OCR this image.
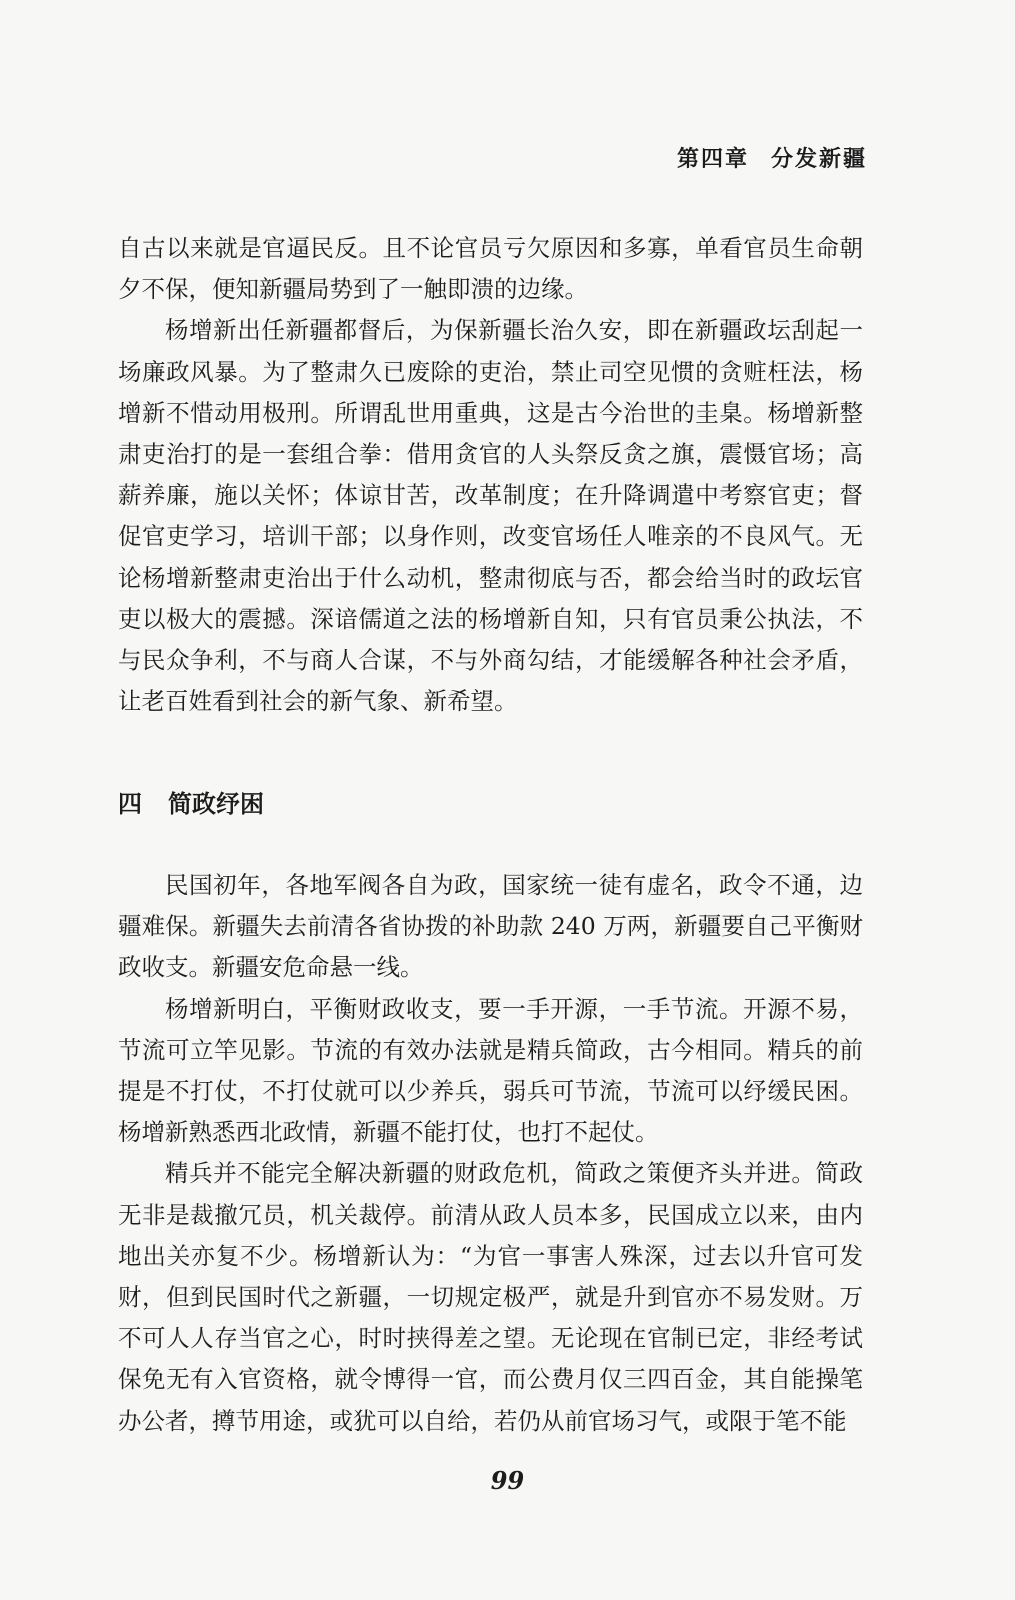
第四章 分发新疆

自古以来就是官逼民反。且不论官员亏欠原因和多寡，单看官员生命朝夕不保，便知新疆局势到了一触即溃的边缘。

杨增新出任新疆都督后，为保新疆长治久安，即在新疆政坛刮起一场廉政风暴。为了整肃久已废除的吏治，禁止司空见惯的贪赃枉法，杨增新不惜动用极刑。所谓乱世用重典，这是古今治世的圭臬。杨增新整肃吏治打的是一套组合拳：借用贪官的人头祭反贪之旗，震慑官场；高薪养廉，施以关怀；体谅甘苦，改革制度；在升降调遣中考察官吏；督促官吏学习，培训干部；以身作则，改变官场任人唯亲的不良风气。无论杨增新整肃吏治出于什么动机，整肃彻底与否，都会给当时的政坛官吏以极大的震撼。深谙儒道之法的杨增新自知，只有官员秉公执法，不与民众争利，不与商人合谋，不与外商勾结，才能缓解各种社会矛盾，让老百姓看到社会的新气象、新希望。

四 简政纾困

民国初年，各地军阀各自为政，国家统一徒有虚名，政令不通，边疆难保。新疆失去前清各省协拨的补助款 240 万两，新疆要自己平衡财政收支。新疆安危命悬一线。

杨增新明白，平衡财政收支，要一手开源，一手节流。开源不易，节流可立竿见影。节流的有效办法就是精兵简政，古今相同。精兵的前提是不打仗，不打仗就可以少养兵，弱兵可节流，节流可以纾缓民困。杨增新熟悉西北政情，新疆不能打仗，也打不起仗。

精兵并不能完全解决新疆的财政危机，简政之策便齐头并进。简政无非是裁撤冗员，机关裁停。前清从政人员本多，民国成立以来，由内地出关亦复不少。杨增新认为：“为官一事害人殊深，过去以升官可发财，但到民国时代之新疆，一切规定极严，就是升到官亦不易发财。万不可人人存当官之心，时时挟得差之望。无论现在官制已定，非经考试保免无有入官资格，就令博得一官，而公费月仅三四百金，其自能操笔办公者，撙节用途，或犹可以自给，若仍从前官场习气，或限于笔不能

99
